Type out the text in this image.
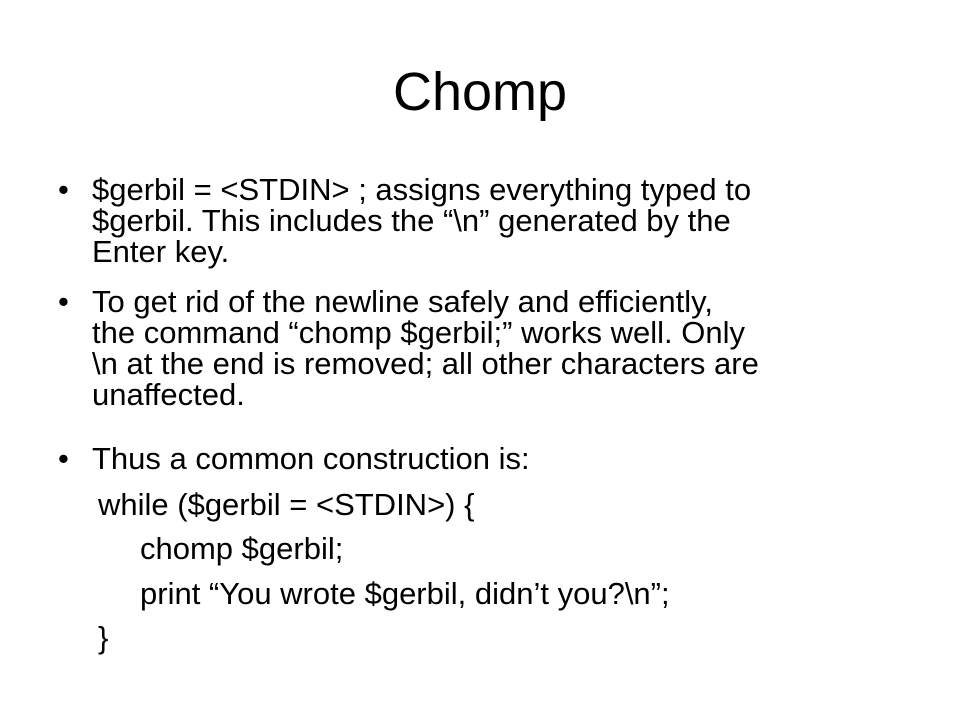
Chomp
• $gerbil = <STDIN> ; assigns everything typed to
$gerbil. This includes the “\n” generated by the
Enter key.
• To get rid of the newline safely and efficiently,
the command “chomp $gerbil;” works well. Only
\n at the end is removed; all other characters are
unaffected.
• Thus a common construction is:
while ($gerbil = <STDIN>) {
chomp $gerbil;
print “You wrote $gerbil, didn’t you?\n”;
}
